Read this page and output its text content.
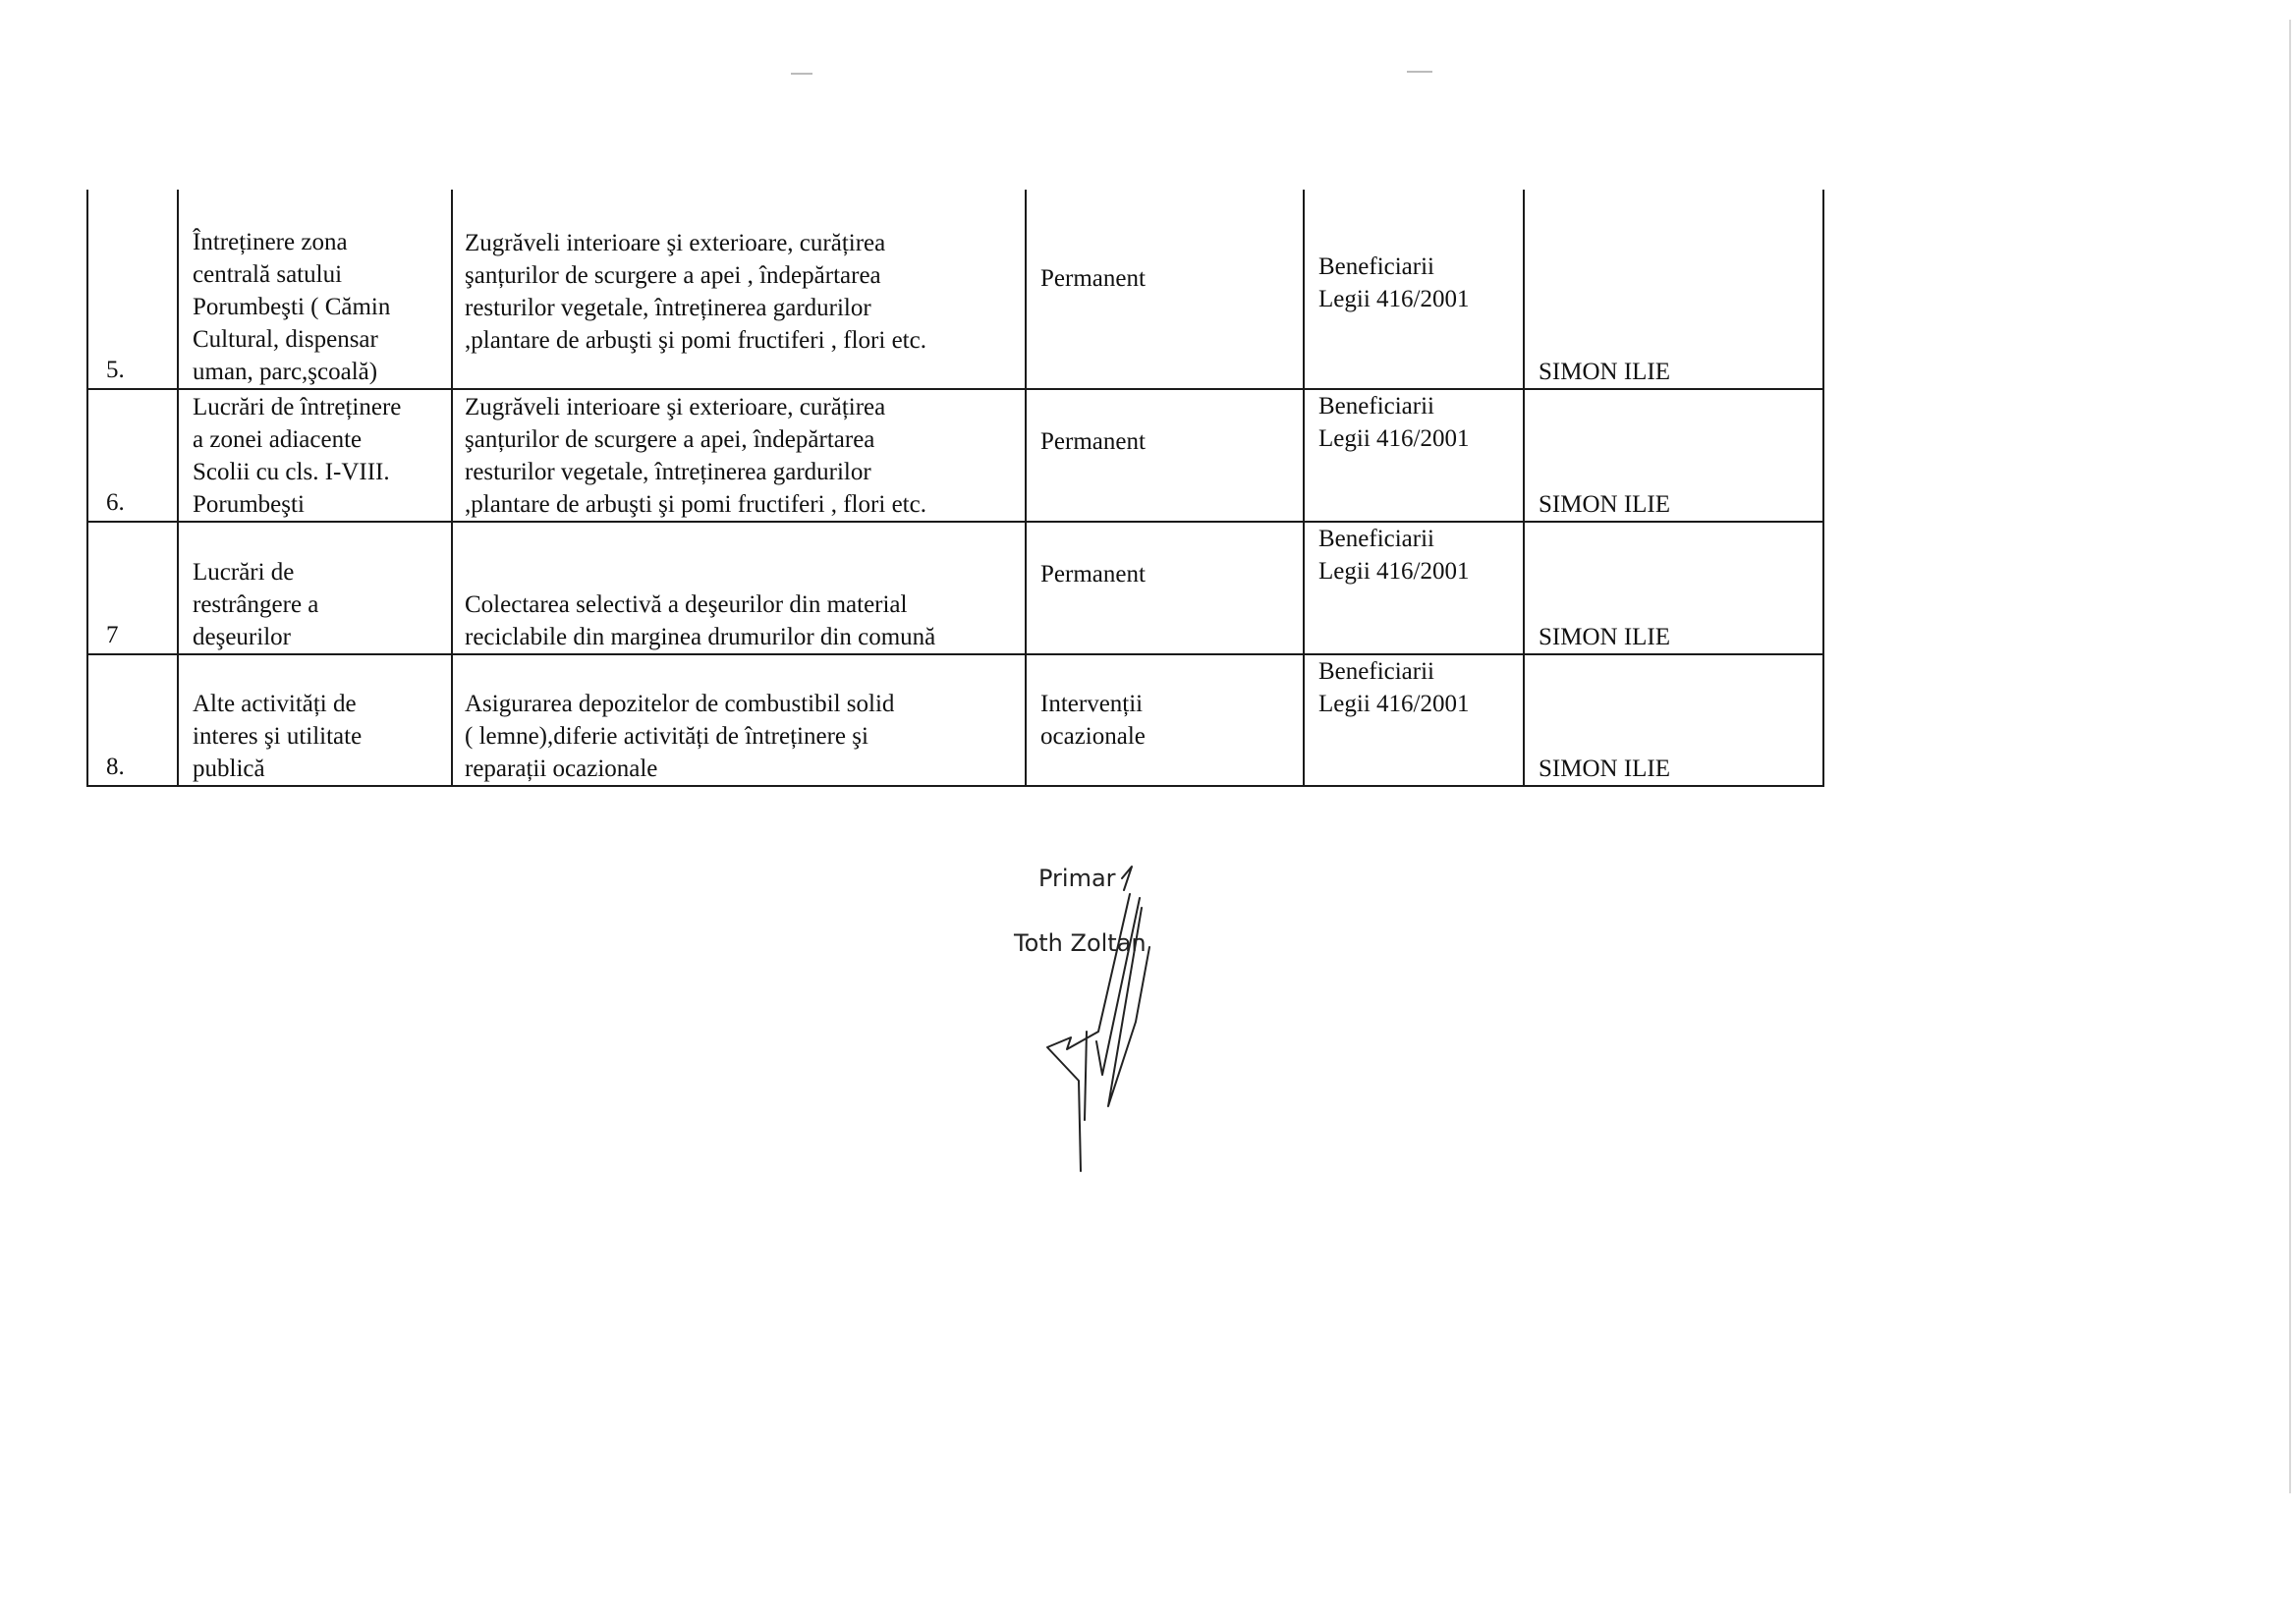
5.	Întreținere zona
centrală satului
Porumbeşti ( Cămin
Cultural, dispensar
uman, parc,şcoală)	Zugrăveli interioare şi exterioare, curățirea
şanțurilor de scurgere a apei , îndepărtarea
resturilor vegetale, întreținerea gardurilor
,plantare de arbuşti şi pomi fructiferi , flori etc.	Permanent	Beneficiarii
Legii 416/2001	SIMON ILIE
6.	Lucrări de întreținere
a zonei adiacente
Scolii cu cls. I-VIII.
Porumbeşti	Zugrăveli interioare şi exterioare, curățirea
şanțurilor de scurgere a apei, îndepărtarea
resturilor vegetale, întreținerea gardurilor
,plantare de arbuşti şi pomi fructiferi , flori etc.	Permanent	Beneficiarii
Legii 416/2001	SIMON ILIE
7	Lucrări de
restrângere a
deşeurilor	Colectarea selectivă a deşeurilor din material
reciclabile din marginea drumurilor din comună	Permanent	Beneficiarii
Legii 416/2001	SIMON ILIE
8.	Alte activități de
interes şi utilitate
publică	Asigurarea depozitelor de combustibil solid
( lemne),diferie activități de întreținere şi
reparații ocazionale	Intervenții
ocazionale	Beneficiarii
Legii 416/2001	SIMON ILIE
Primar
Toth Zoltan
